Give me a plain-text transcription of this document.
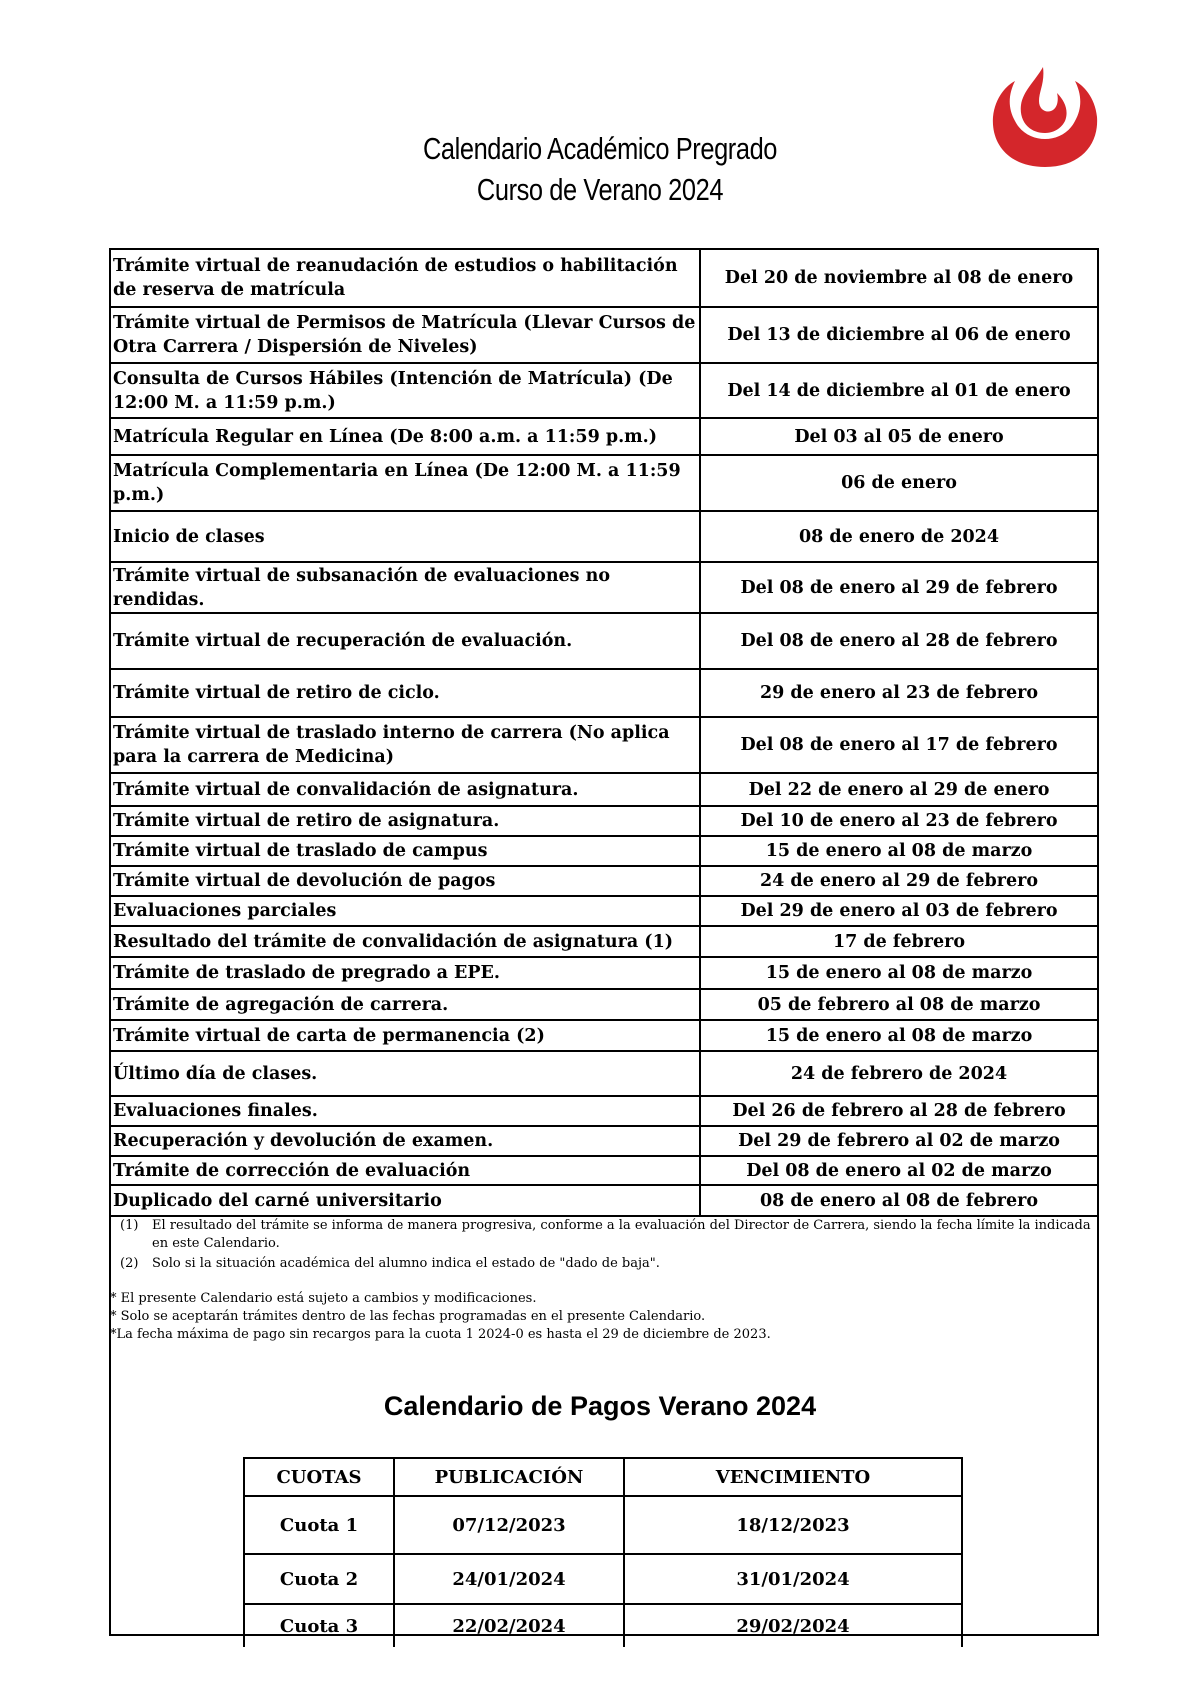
Calendario Académico Pregrado
Curso de Verano 2024
Trámite virtual de reanudación de estudios o habilitación de reserva de matrícula	Del 20 de noviembre al 08 de enero
Trámite virtual de Permisos de Matrícula (Llevar Cursos de Otra Carrera / Dispersión de Niveles)	Del 13 de diciembre al 06 de enero
Consulta de Cursos Hábiles (Intención de Matrícula) (De 12:00 M. a 11:59 p.m.)	Del 14 de diciembre al 01 de enero
Matrícula Regular en Línea (De 8:00 a.m. a 11:59 p.m.)	Del 03 al 05 de enero
Matrícula Complementaria en Línea (De 12:00 M. a 11:59 p.m.)	06 de enero
Inicio de clases	08 de enero de 2024
Trámite virtual de subsanación de evaluaciones no rendidas.	Del 08 de enero al 29 de febrero
Trámite virtual de recuperación de evaluación.	Del 08 de enero al 28 de febrero
Trámite virtual de retiro de ciclo.	29 de enero al 23 de febrero
Trámite virtual de traslado interno de carrera (No aplica para la carrera de Medicina)	Del 08 de enero al 17 de febrero
Trámite virtual de convalidación de asignatura.	Del 22 de enero al 29 de enero
Trámite virtual de retiro de asignatura.	Del 10 de enero al 23 de febrero
Trámite virtual de traslado de campus	15 de enero al 08 de marzo
Trámite virtual de devolución de pagos	24 de enero al 29 de febrero
Evaluaciones parciales	Del 29 de enero al 03 de febrero
Resultado del trámite de convalidación de asignatura (1)	17 de febrero
Trámite de traslado de pregrado a EPE.	15 de enero al 08 de marzo
Trámite de agregación de carrera.	05 de febrero al 08 de marzo
Trámite virtual de carta de permanencia (2)	15 de enero al 08 de marzo
Último día de clases.	24 de febrero de 2024
Evaluaciones finales.	Del 26 de febrero al 28 de febrero
Recuperación y devolución de examen.	Del 29 de febrero al 02 de marzo
Trámite de corrección de evaluación	Del 08 de enero al 02 de marzo
Duplicado del carné universitario	08 de enero al 08 de febrero
(1)	El resultado del trámite se informa de manera progresiva, conforme a la evaluación del Director de Carrera, siendo la fecha límite la indicada en este Calendario.
(2)	Solo si la situación académica del alumno indica el estado de "dado de baja".
* El presente Calendario está sujeto a cambios y modificaciones.
* Solo se aceptarán trámites dentro de las fechas programadas en el presente Calendario.
*La fecha máxima de pago sin recargos para la cuota 1 2024-0 es hasta el 29 de diciembre de 2023.
Calendario de Pagos Verano 2024
CUOTAS	PUBLICACIÓN	VENCIMIENTO
Cuota 1	07/12/2023	18/12/2023
Cuota 2	24/01/2024	31/01/2024
Cuota 3	22/02/2024	29/02/2024
